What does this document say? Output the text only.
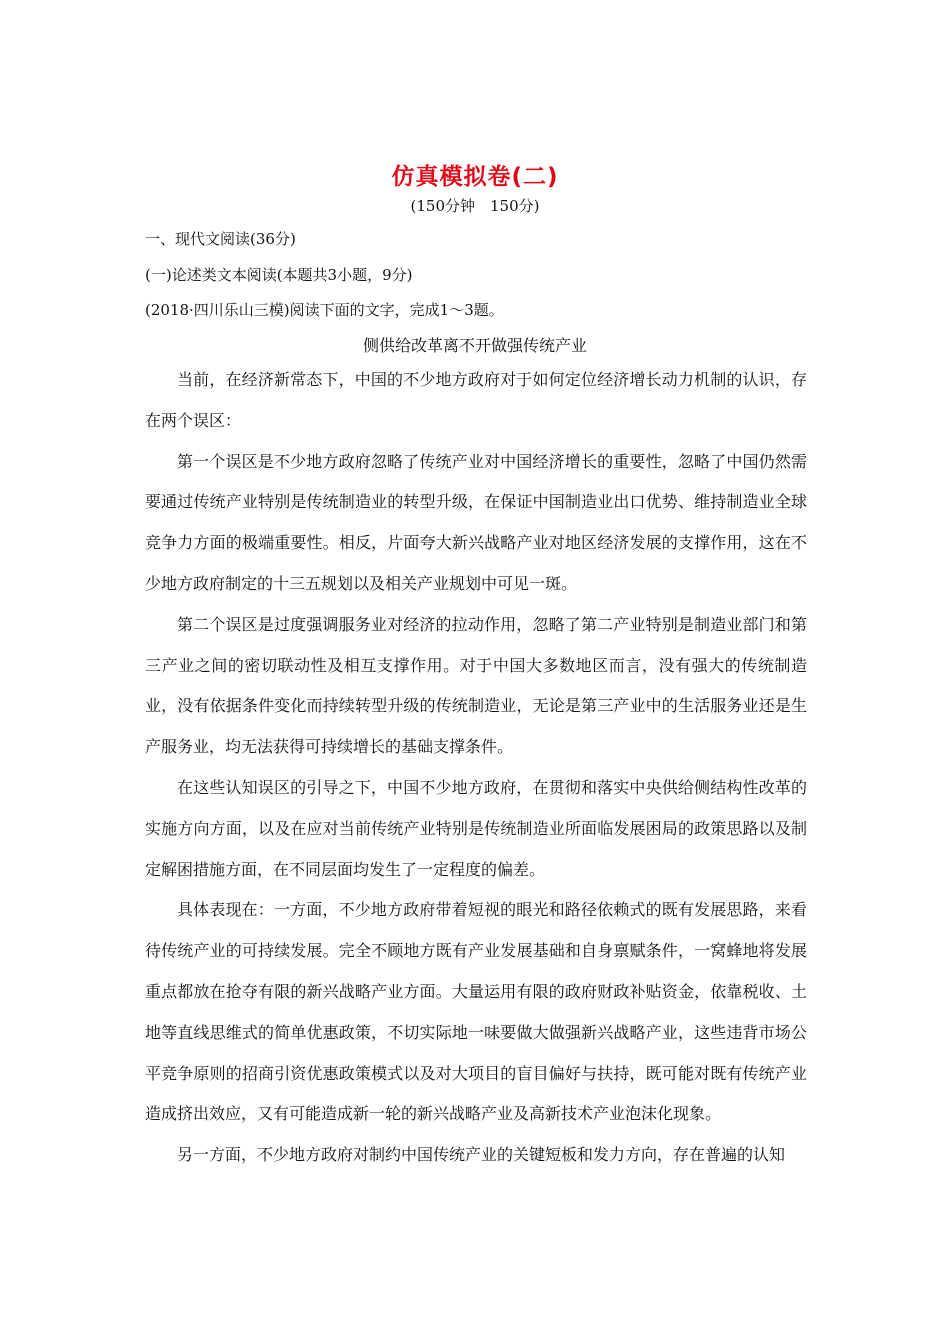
仿真模拟卷(二)
(150分钟　150分)
一、现代文阅读(36分)
(一)论述类文本阅读(本题共3小题，9分)
(2018·四川乐山三模)阅读下面的文字，完成1～3题。
侧供给改革离不开做强传统产业

当前，在经济新常态下，中国的不少地方政府对于如何定位经济增长动力机制的认识，存在两个误区：

第一个误区是不少地方政府忽略了传统产业对中国经济增长的重要性，忽略了中国仍然需要通过传统产业特别是传统制造业的转型升级，在保证中国制造业出口优势、维持制造业全球竞争力方面的极端重要性。相反，片面夸大新兴战略产业对地区经济发展的支撑作用，这在不少地方政府制定的十三五规划以及相关产业规划中可见一斑。

第二个误区是过度强调服务业对经济的拉动作用，忽略了第二产业特别是制造业部门和第三产业之间的密切联动性及相互支撑作用。对于中国大多数地区而言，没有强大的传统制造业，没有依据条件变化而持续转型升级的传统制造业，无论是第三产业中的生活服务业还是生产服务业，均无法获得可持续增长的基础支撑条件。

在这些认知误区的引导之下，中国不少地方政府，在贯彻和落实中央供给侧结构性改革的实施方向方面，以及在应对当前传统产业特别是传统制造业所面临发展困局的政策思路以及制定解困措施方面，在不同层面均发生了一定程度的偏差。

具体表现在：一方面，不少地方政府带着短视的眼光和路径依赖式的既有发展思路，来看待传统产业的可持续发展。完全不顾地方既有产业发展基础和自身禀赋条件，一窝蜂地将发展重点都放在抢夺有限的新兴战略产业方面。大量运用有限的政府财政补贴资金，依靠税收、土地等直线思维式的简单优惠政策，不切实际地一味要做大做强新兴战略产业，这些违背市场公平竞争原则的招商引资优惠政策模式以及对大项目的盲目偏好与扶持，既可能对既有传统产业造成挤出效应，又有可能造成新一轮的新兴战略产业及高新技术产业泡沫化现象。

另一方面，不少地方政府对制约中国传统产业的关键短板和发力方向，存在普遍的认知
